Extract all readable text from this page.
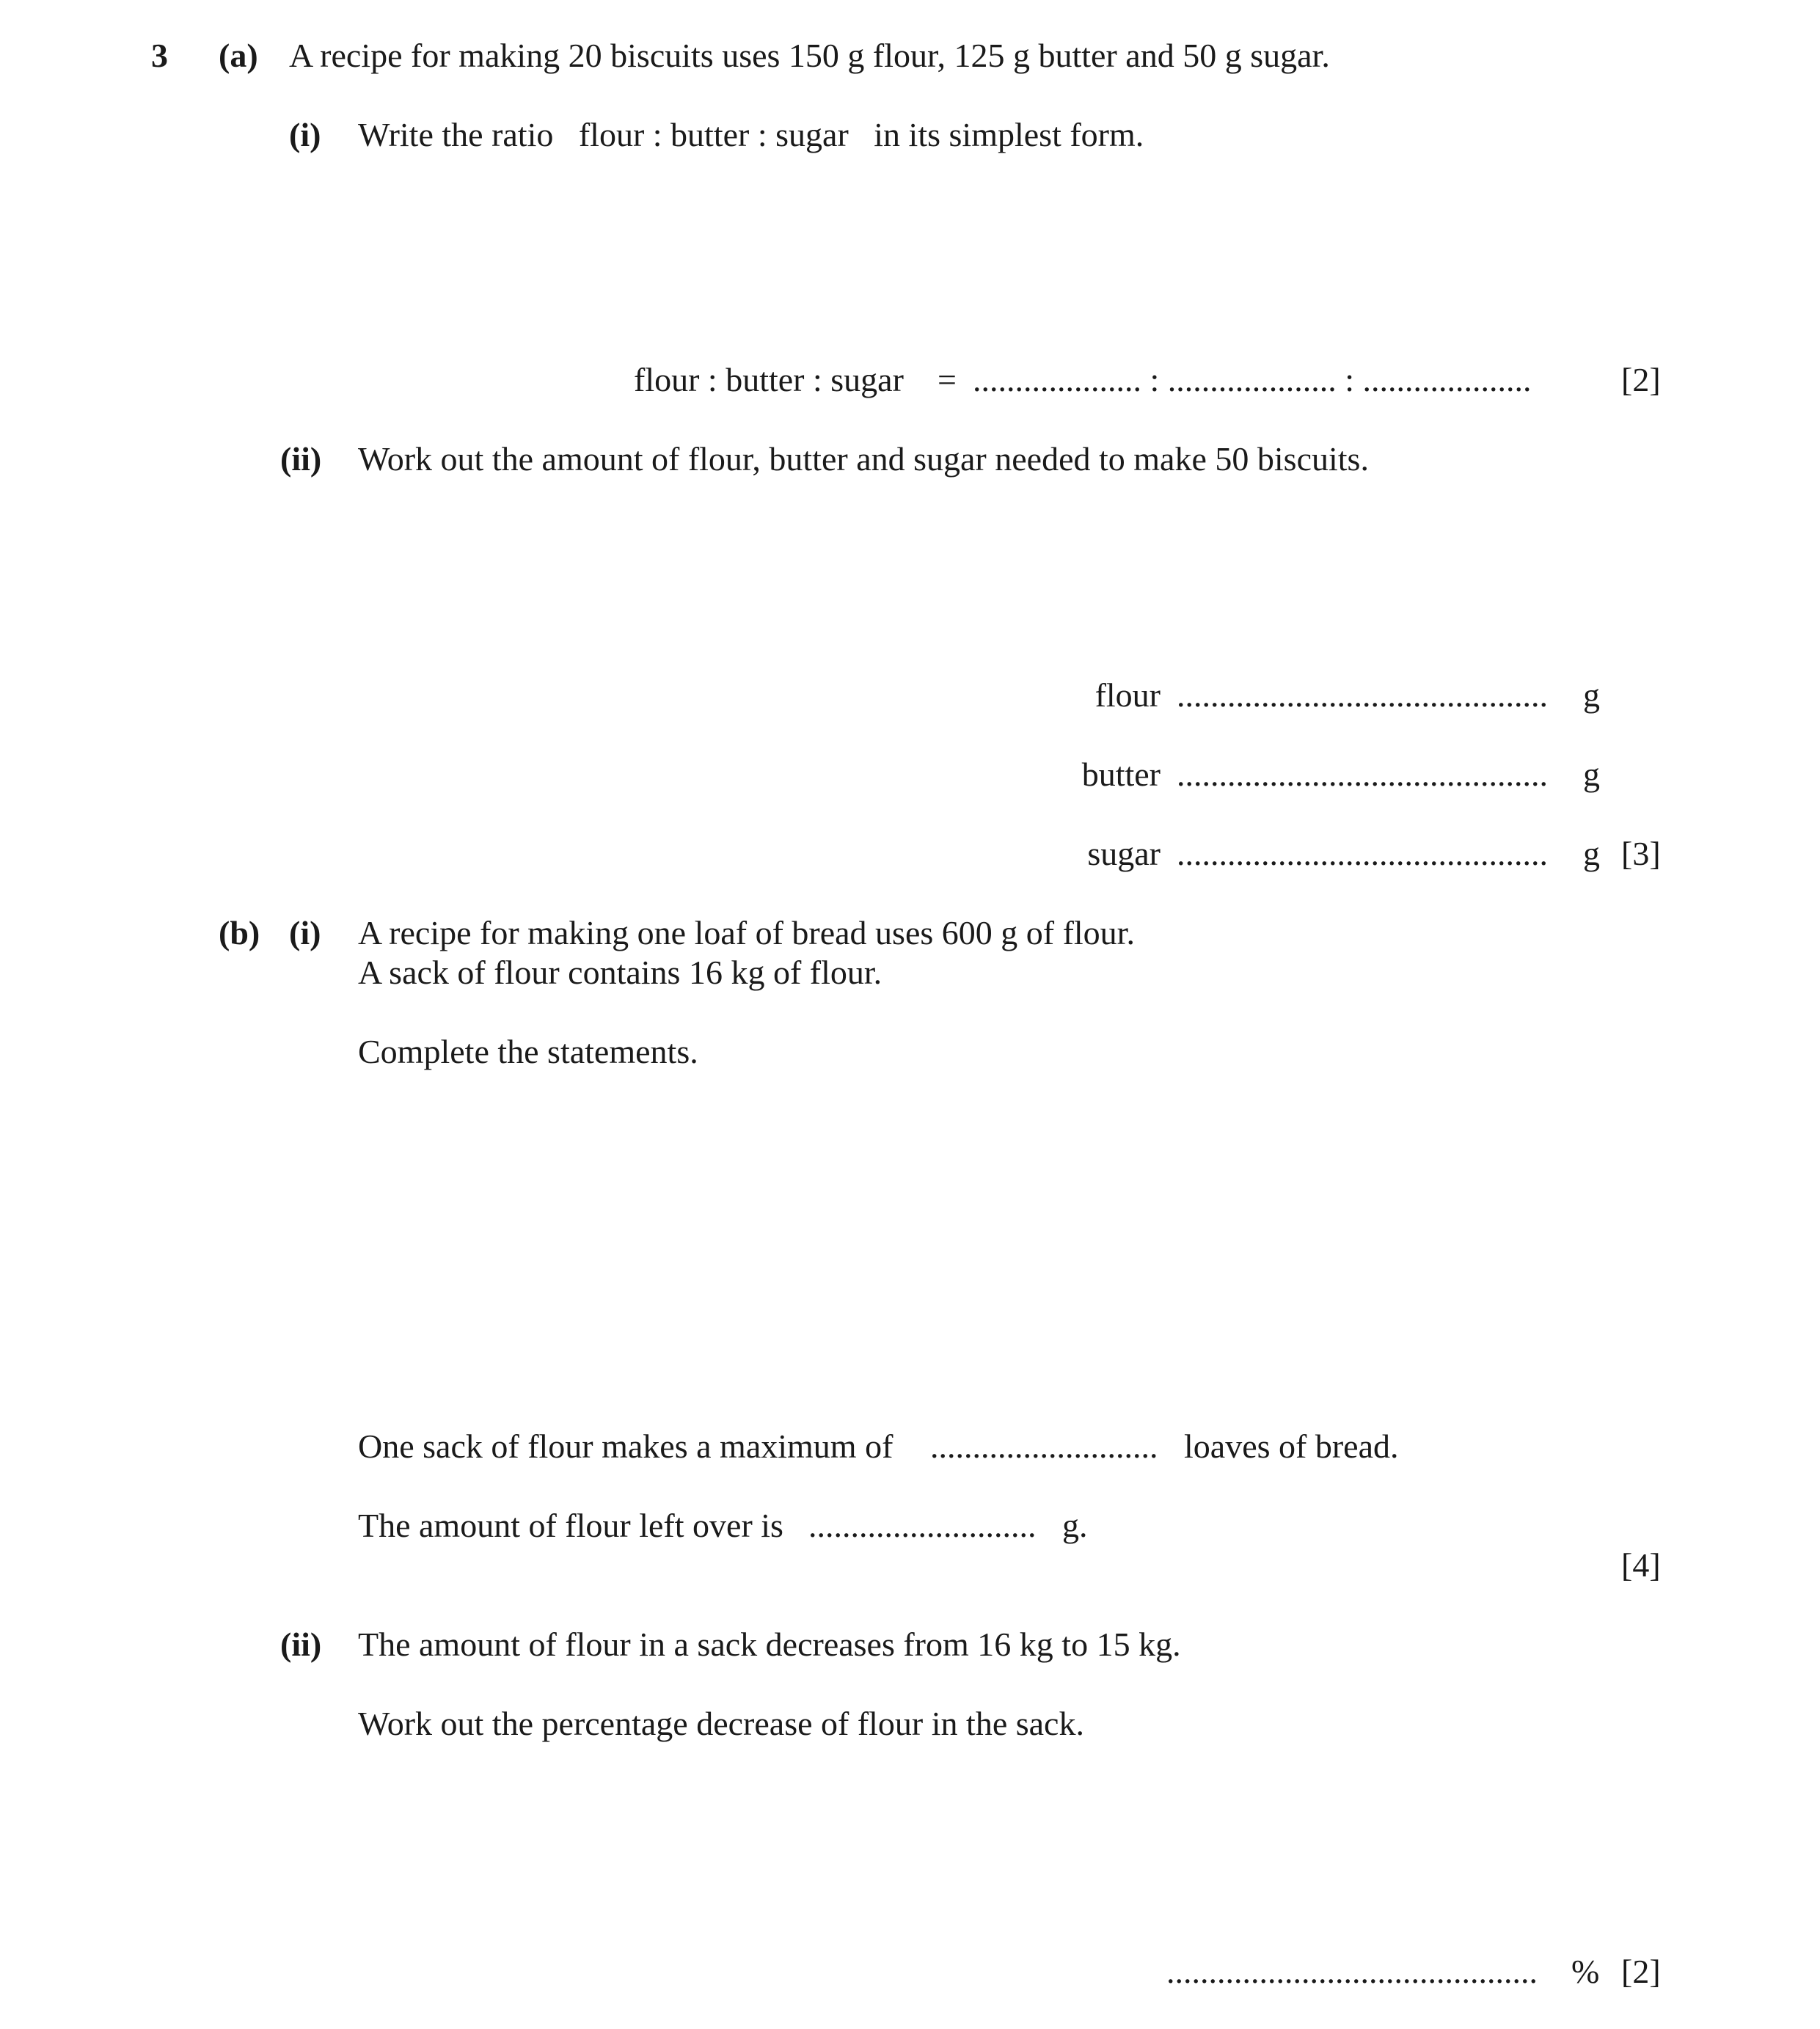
3 (a) A recipe for making 20 biscuits uses 150 g flour, 125 g butter and 50 g sugar.
(i) Write the ratio   flour : butter : sugar   in its simplest form.
flour : butter : sugar = .................... : .................... : ....................	[2]
(ii) Work out the amount of flour, butter and sugar needed to make 50 biscuits.
flour ............................................ g
butter ............................................ g
sugar ............................................ g [3]
(b) (i) A recipe for making one loaf of bread uses 600 g of flour.
A sack of flour contains 16 kg of flour.
Complete the statements.
One sack of flour makes a maximum of ........................... loaves of bread.
The amount of flour left over is ........................... g.
[4]
(ii) The amount of flour in a sack decreases from 16 kg to 15 kg.
Work out the percentage decrease of flour in the sack.
............................................ % [2]
